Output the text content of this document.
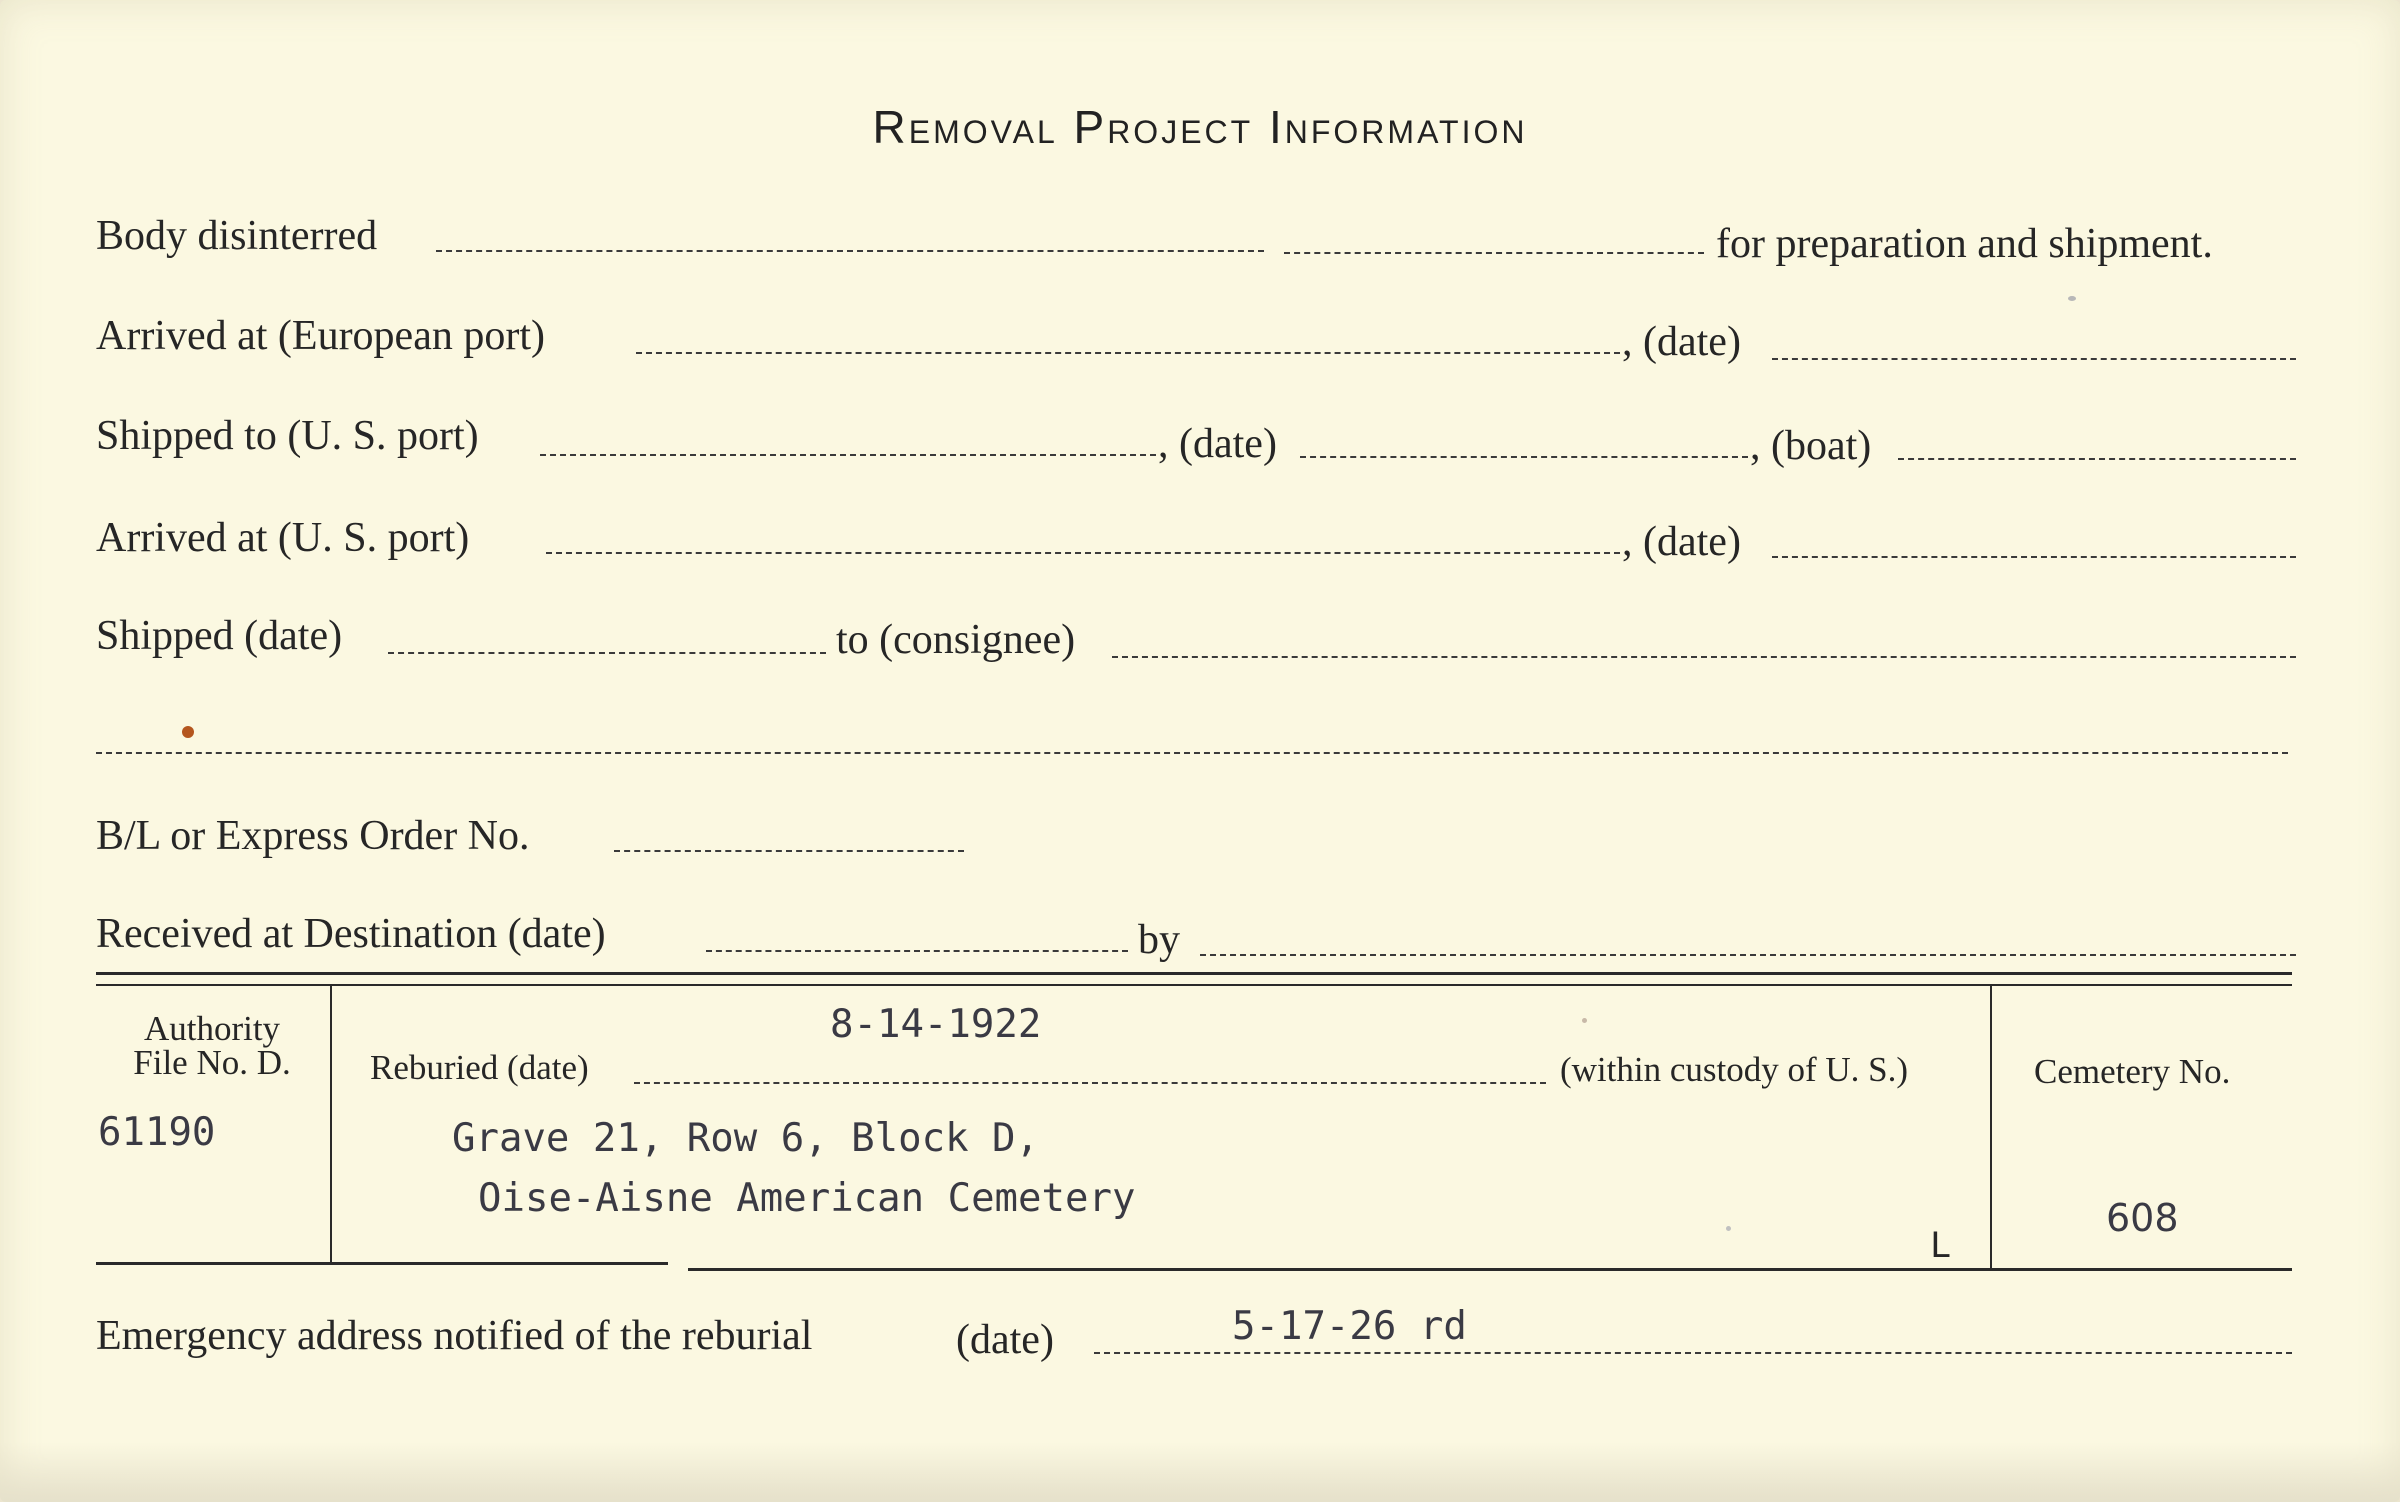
Removal Project Information
Body disinterred	for preparation and shipment.
Arrived at (European port)	, (date)
Shipped to (U. S. port)	, (date)	, (boat)
Arrived at (U. S. port)	, (date)
Shipped (date)	to (consignee)
B/L or Express Order No.
Received at Destination (date)	by
Authority
File No. D.
61190
8-14-1922
Reburied (date)	(within custody of U. S.)
Grave 21, Row 6, Block D,
Oise-Aisne American Cemetery
L
Cemetery No.
608
Emergency address notified of the reburial	(date)	5-17-26 rd
